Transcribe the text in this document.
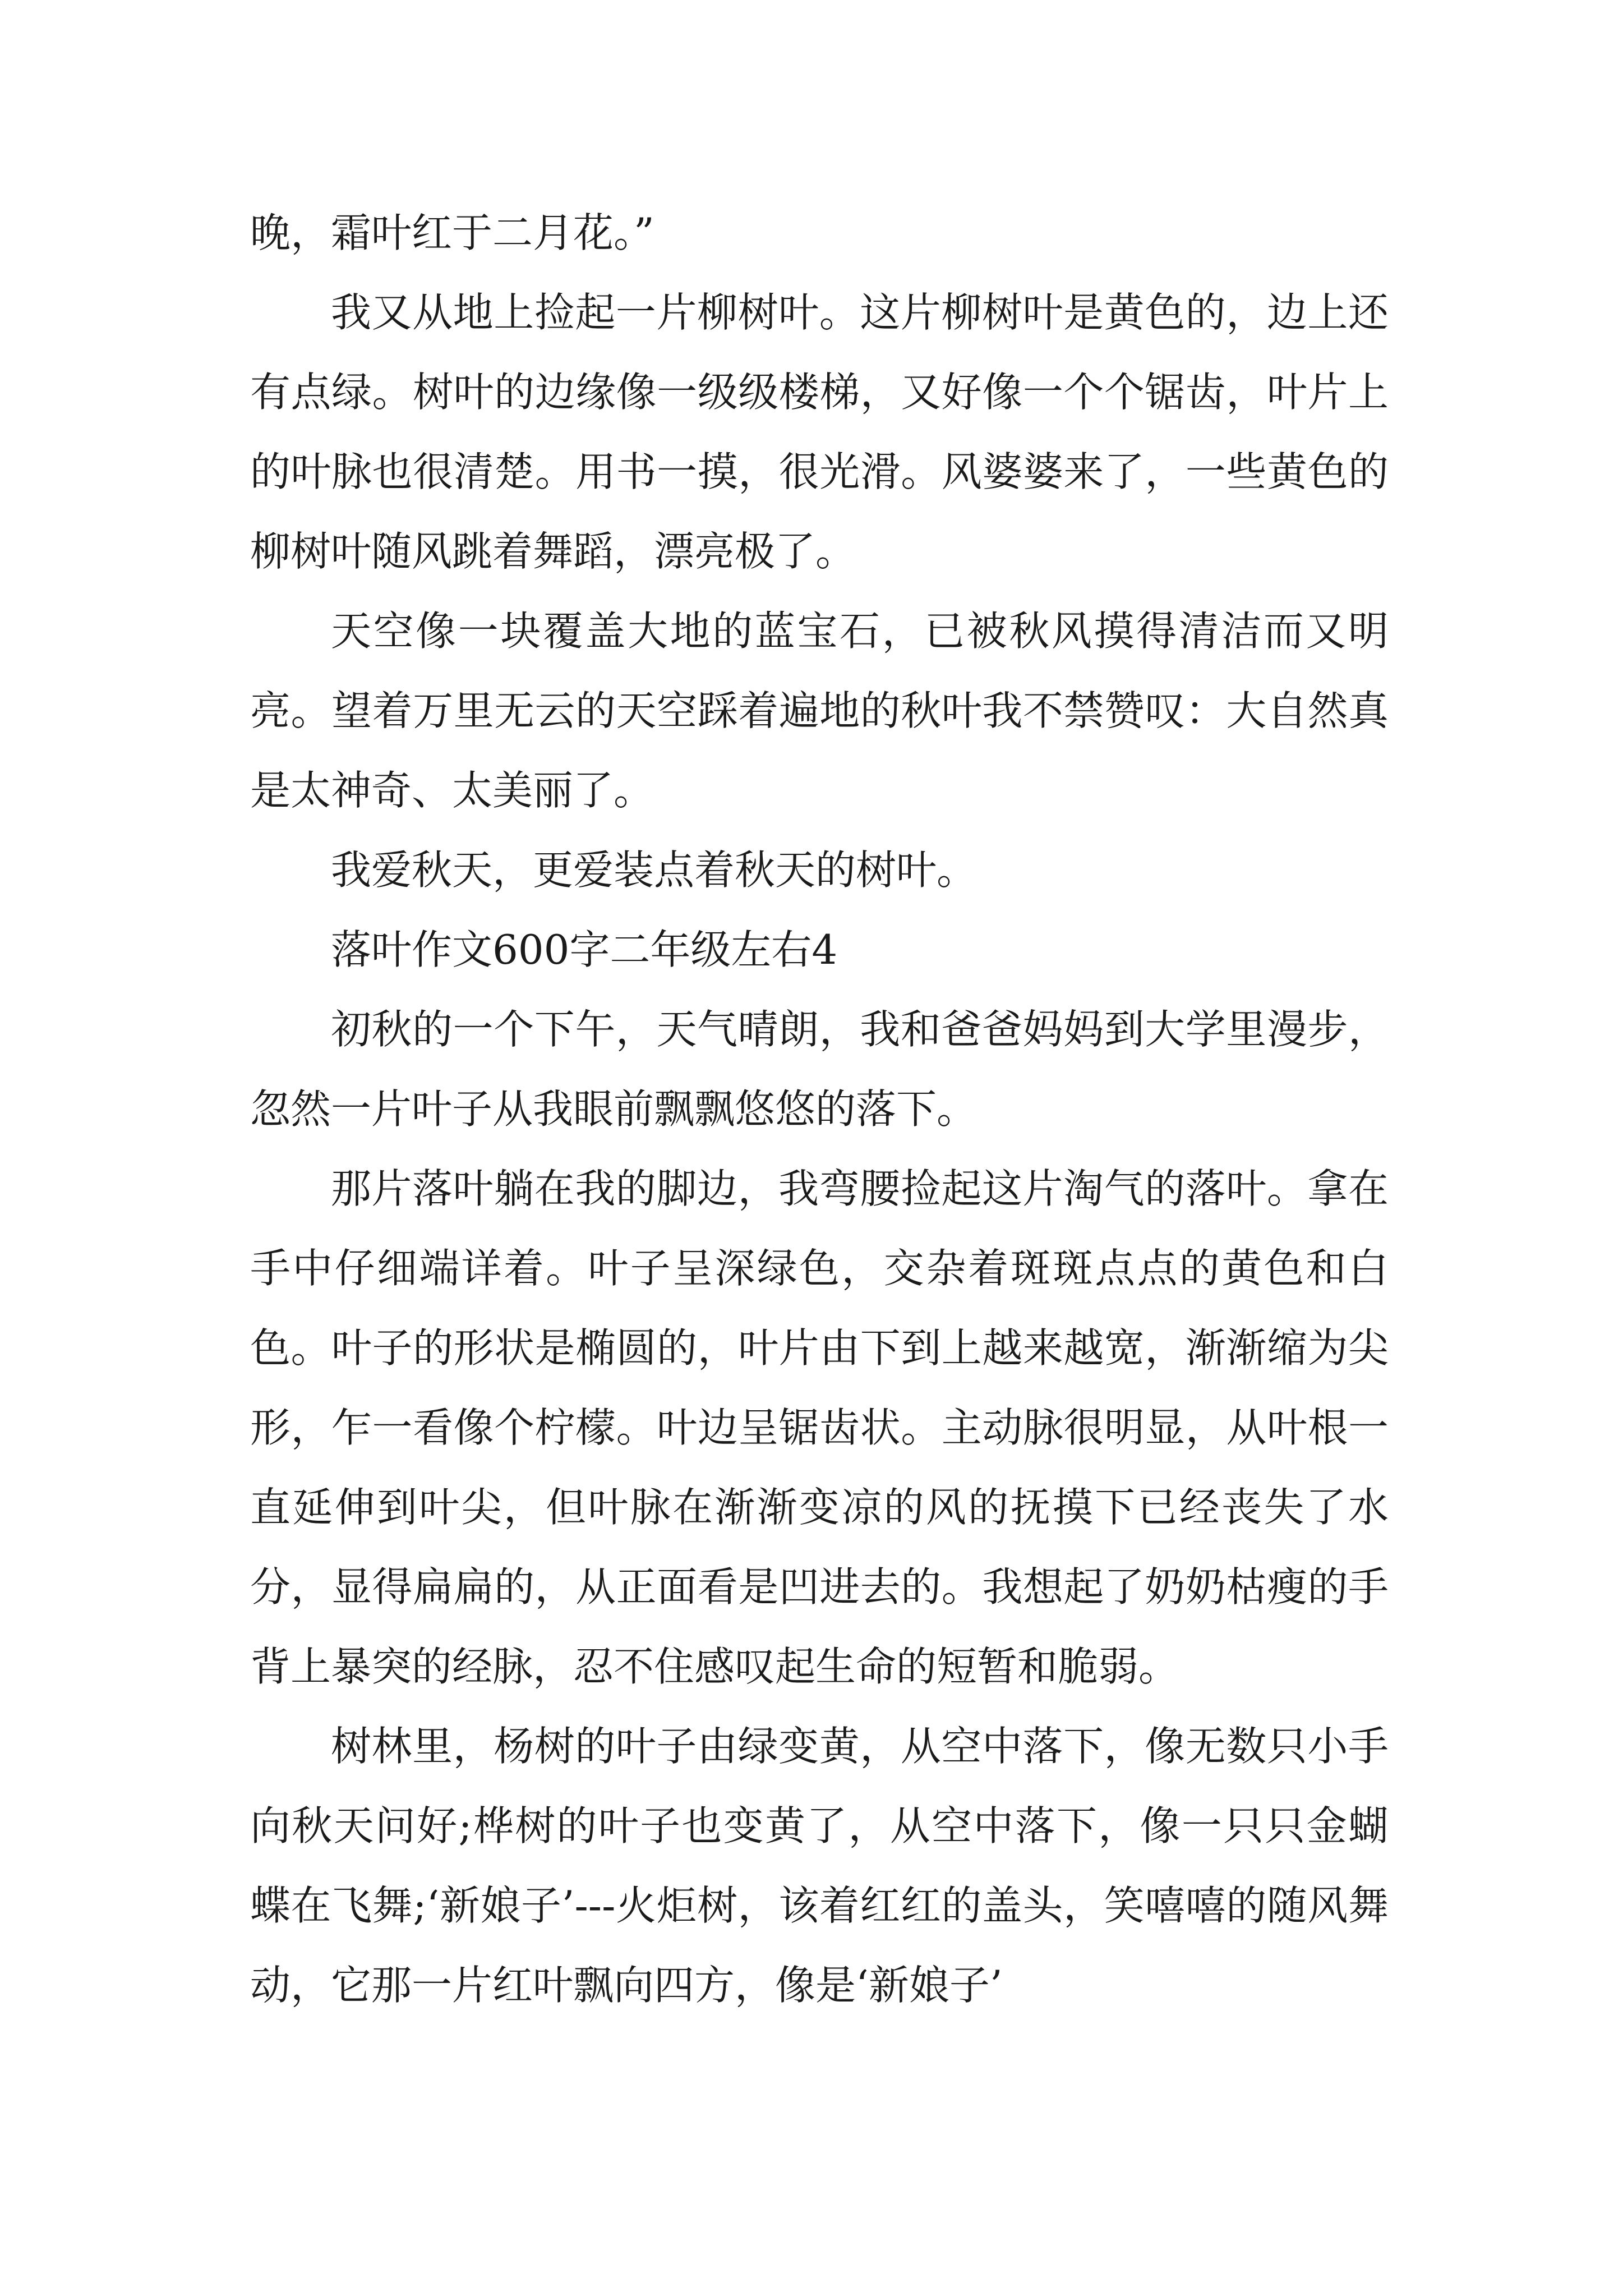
晚，霜叶红于二月花。”

我又从地上捡起一片柳树叶。这片柳树叶是黄色的，边上还有点绿。树叶的边缘像一级级楼梯，又好像一个个锯齿，叶片上的叶脉也很清楚。用书一摸，很光滑。风婆婆来了，一些黄色的柳树叶随风跳着舞蹈，漂亮极了。

天空像一块覆盖大地的蓝宝石，已被秋风摸得清洁而又明亮。望着万里无云的天空踩着遍地的秋叶我不禁赞叹：大自然真是太神奇、太美丽了。

我爱秋天，更爱装点着秋天的树叶。

落叶作文600字二年级左右4

初秋的一个下午，天气晴朗，我和爸爸妈妈到大学里漫步，忽然一片叶子从我眼前飘飘悠悠的落下。

那片落叶躺在我的脚边，我弯腰捡起这片淘气的落叶。拿在手中仔细端详着。叶子呈深绿色，交杂着斑斑点点的黄色和白色。叶子的形状是椭圆的，叶片由下到上越来越宽，渐渐缩为尖形，乍一看像个柠檬。叶边呈锯齿状。主动脉很明显，从叶根一直延伸到叶尖，但叶脉在渐渐变凉的风的抚摸下已经丧失了水分，显得扁扁的，从正面看是凹进去的。我想起了奶奶枯瘦的手背上暴突的经脉，忍不住感叹起生命的短暂和脆弱。

树林里，杨树的叶子由绿变黄，从空中落下，像无数只小手向秋天问好;桦树的叶子也变黄了，从空中落下，像一只只金蝴蝶在飞舞;‘新娘子’---火炬树，该着红红的盖头，笑嘻嘻的随风舞动，它那一片红叶飘向四方，像是‘新娘子’
